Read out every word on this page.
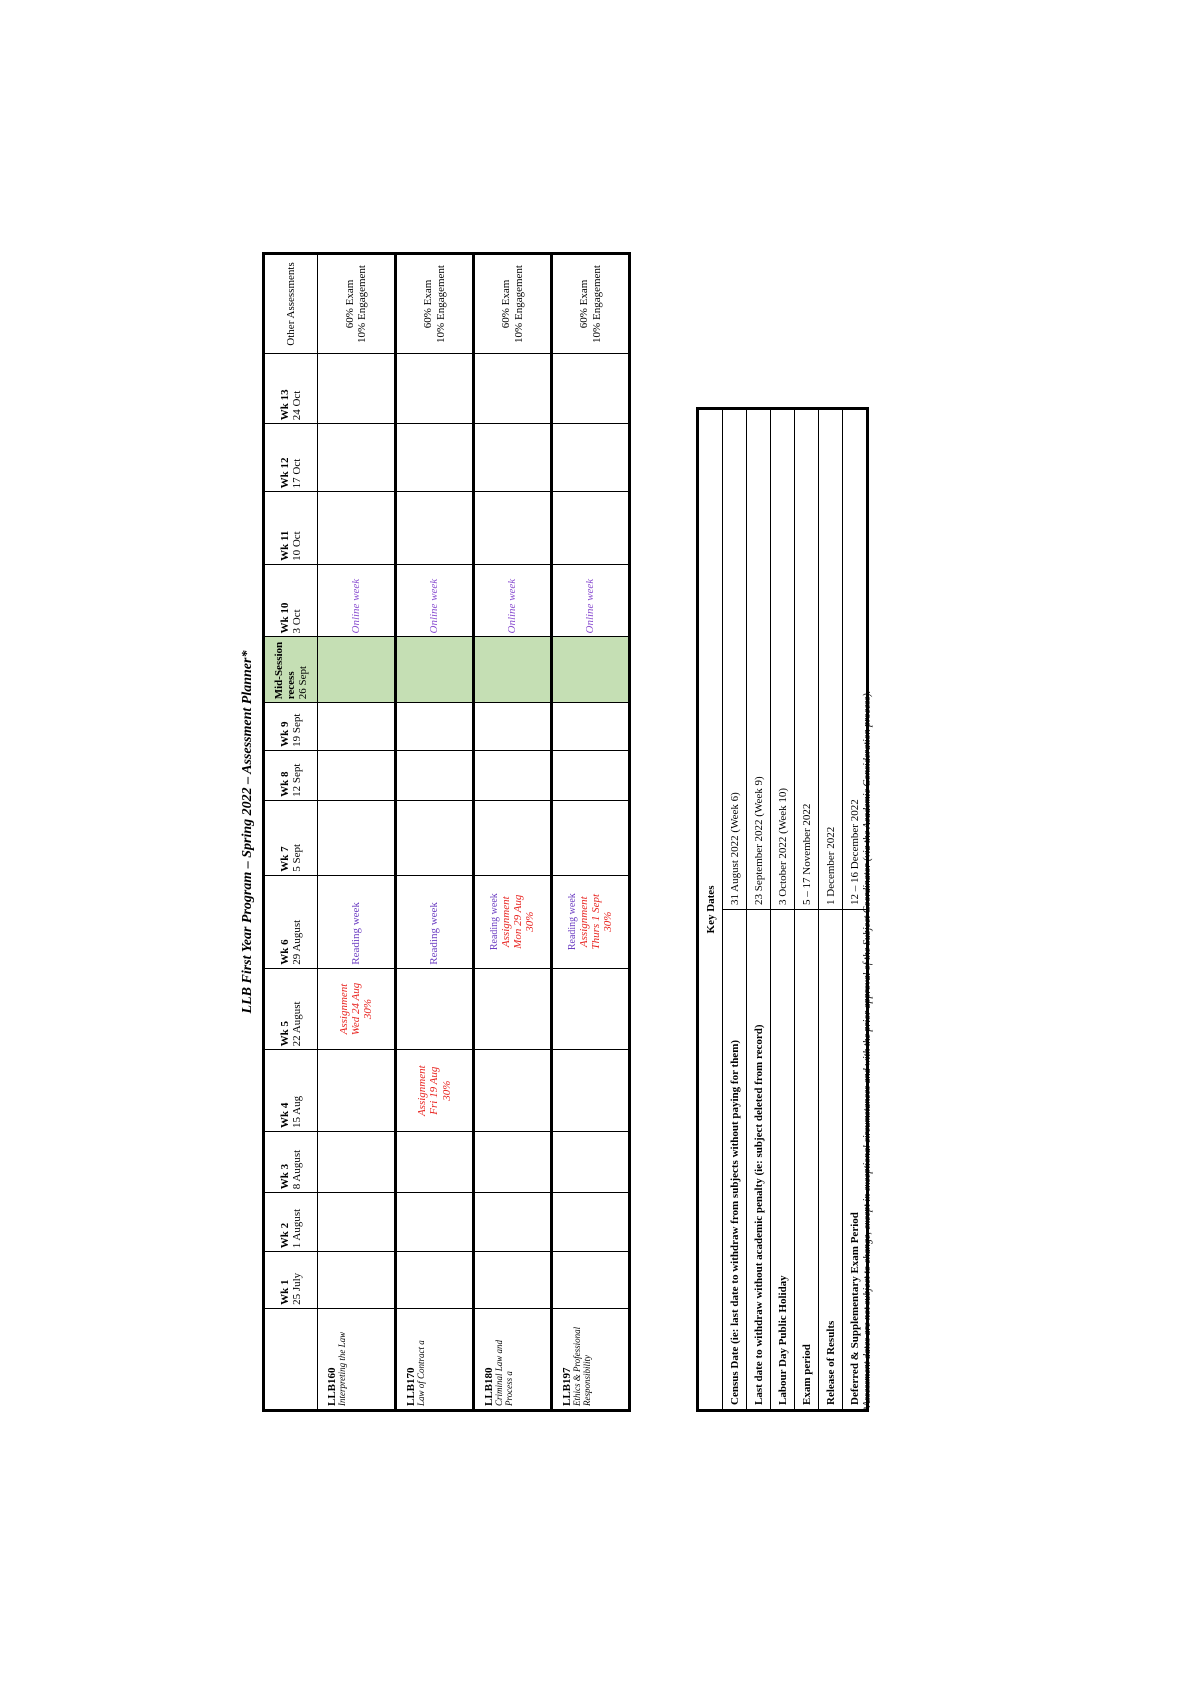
LLB First Year Program – Spring 2022 – Assessment Planner*
	Wk 1 25 July	Wk 2 1 August	Wk 3 8 August	Wk 4 15 Aug	Wk 5 22 August	Wk 6 29 August	Wk 7 5 Sept	Wk 8 12 Sept	Wk 9 19 Sept	Mid-Session recess 26 Sept	Wk 10 3 Oct	Wk 11 10 Oct	Wk 12 17 Oct	Wk 13 24 Oct	Other Assessments

LLB160 Interpreting the Law					Assignment Wed 24 Aug 30%	Reading week					Online week				60% Exam 10% Engagement

LLB170 Law of Contract a				Assignment Fri 19 Aug 30%		Reading week					Online week				60% Exam 10% Engagement

LLB180 Criminal Law and Process a						Reading week Assignment Mon 29 Aug 30%					Online week				60% Exam 10% Engagement

LLB197 Ethics & Professional Responsibility						Reading week Assignment Thurs 1 Sept 30%					Online week				60% Exam 10% Engagement
Key Dates	
Census Date (ie: last date to withdraw from subjects without paying for them)	31 August 2022 (Week 6)
Last date to withdraw without academic penalty (ie: subject deleted from record)	23 September 2022 (Week 9)
Labour Day Public Holiday	3 October 2022 (Week 10)
Exam period	5 – 17 November 2022
Release of Results	1 December 2022
Deferred & Supplementary Exam Period	12 – 16 December 2022 *Assessment dates are not subject to change, except in exceptional circumstances and with the prior approval of the Subject Coordinator (via the Academic Consideration process).
